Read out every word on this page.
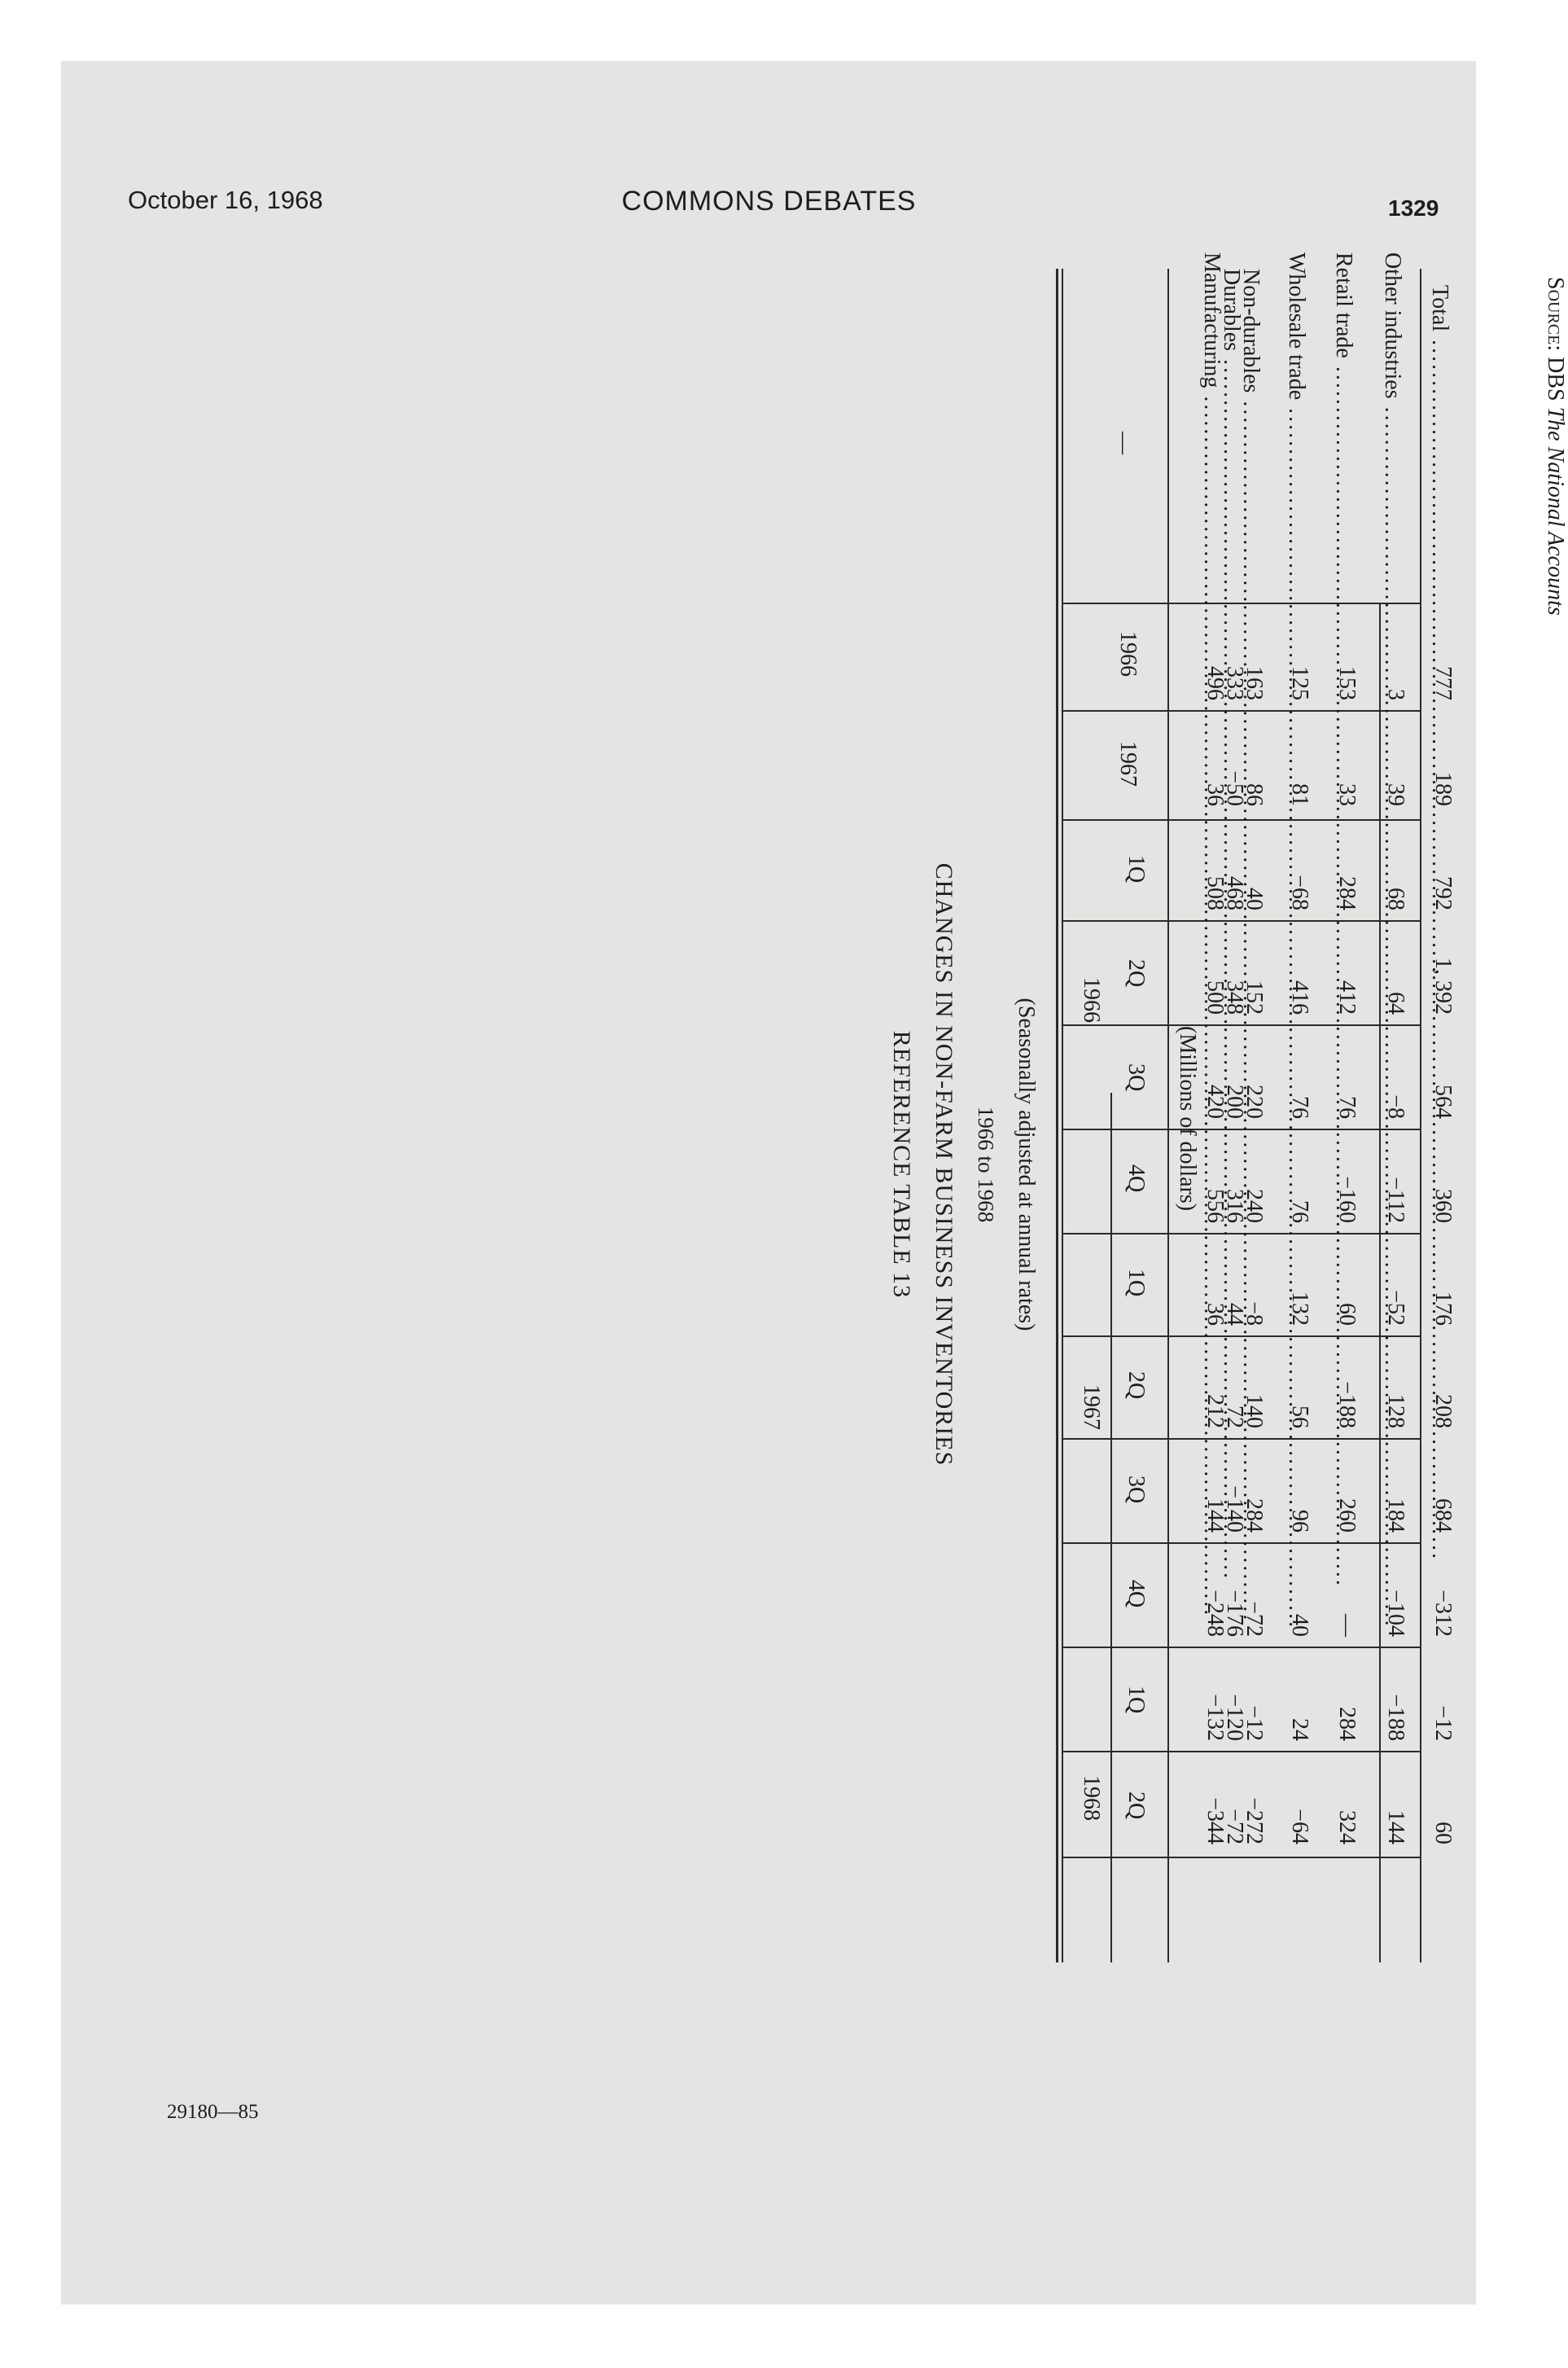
October 16, 1968	COMMONS DEBATES	1329
29180—85
REFERENCE TABLE 13 CHANGES IN NON-FARM BUSINESS INVENTORIES 1966 to 1968 (Seasonally adjusted at annual rates)
—
1966
1967
1966
1967
1968
1Q
2Q
3Q
4Q
1Q
2Q
3Q
4Q
1Q
2Q
(Millions of dollars)
Manufacturing .....
Durables .....
Non-durables ..... Wholesale trade ..... Retail trade ..... Other industries ..... Total .....
496
36
508
500
420
556
36
212
144
−248
−132
−344
333
−50
468
348
200
316
44
72
−140
−176
−120
−72
163
86
40
152
220
240
−8
140
284
−72
−12
−272
125
81
−68
416
76
76
132
56
96
40
24
−64
153
33
284
412
76
−160
60
−188
260
—
284
324
3
39
68
64
−8
−112
−52
128
184
−104
−188
144
777
189
792
1, 392
564
360
176
208
684
−312
−12
60
Source: DBS The National Accounts
